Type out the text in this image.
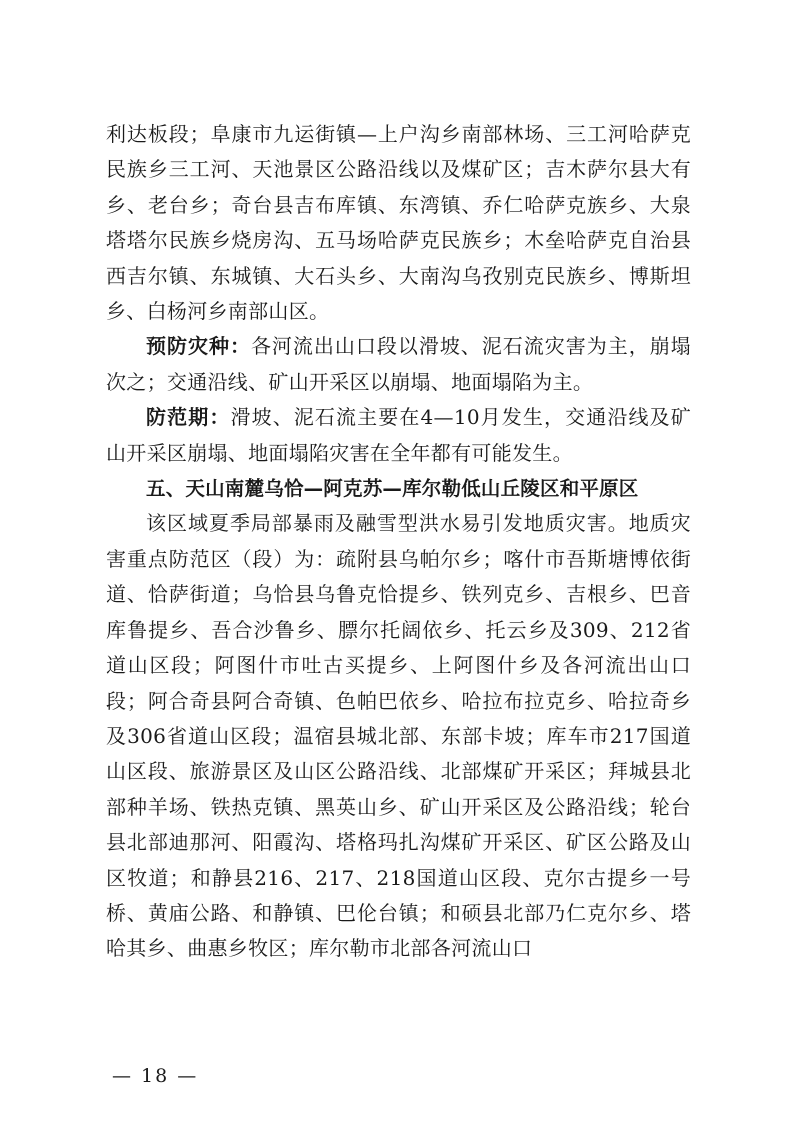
利达板段；阜康市九运街镇—上户沟乡南部林场、三工河哈萨克民族乡三工河、天池景区公路沿线以及煤矿区；吉木萨尔县大有乡、老台乡；奇台县吉布库镇、东湾镇、乔仁哈萨克族乡、大泉塔塔尔民族乡烧房沟、五马场哈萨克民族乡；木垒哈萨克自治县西吉尔镇、东城镇、大石头乡、大南沟乌孜别克民族乡、博斯坦乡、白杨河乡南部山区。

预防灾种：各河流出山口段以滑坡、泥石流灾害为主，崩塌次之；交通沿线、矿山开采区以崩塌、地面塌陷为主。

防范期：滑坡、泥石流主要在4—10月发生，交通沿线及矿山开采区崩塌、地面塌陷灾害在全年都有可能发生。

五、天山南麓乌恰—阿克苏—库尔勒低山丘陵区和平原区

该区域夏季局部暴雨及融雪型洪水易引发地质灾害。地质灾害重点防范区（段）为：疏附县乌帕尔乡；喀什市吾斯塘博依街道、恰萨街道；乌恰县乌鲁克恰提乡、铁列克乡、吉根乡、巴音库鲁提乡、吾合沙鲁乡、膘尔托阔依乡、托云乡及309、212省道山区段；阿图什市吐古买提乡、上阿图什乡及各河流出山口段；阿合奇县阿合奇镇、色帕巴依乡、哈拉布拉克乡、哈拉奇乡及306省道山区段；温宿县城北部、东部卡坡；库车市217国道山区段、旅游景区及山区公路沿线、北部煤矿开采区；拜城县北部种羊场、铁热克镇、黑英山乡、矿山开采区及公路沿线；轮台县北部迪那河、阳霞沟、塔格玛扎沟煤矿开采区、矿区公路及山区牧道；和静县216、217、218国道山区段、克尔古提乡一号桥、黄庙公路、和静镇、巴伦台镇；和硕县北部乃仁克尔乡、塔哈其乡、曲惠乡牧区；库尔勒市北部各河流山口

— 18 —
